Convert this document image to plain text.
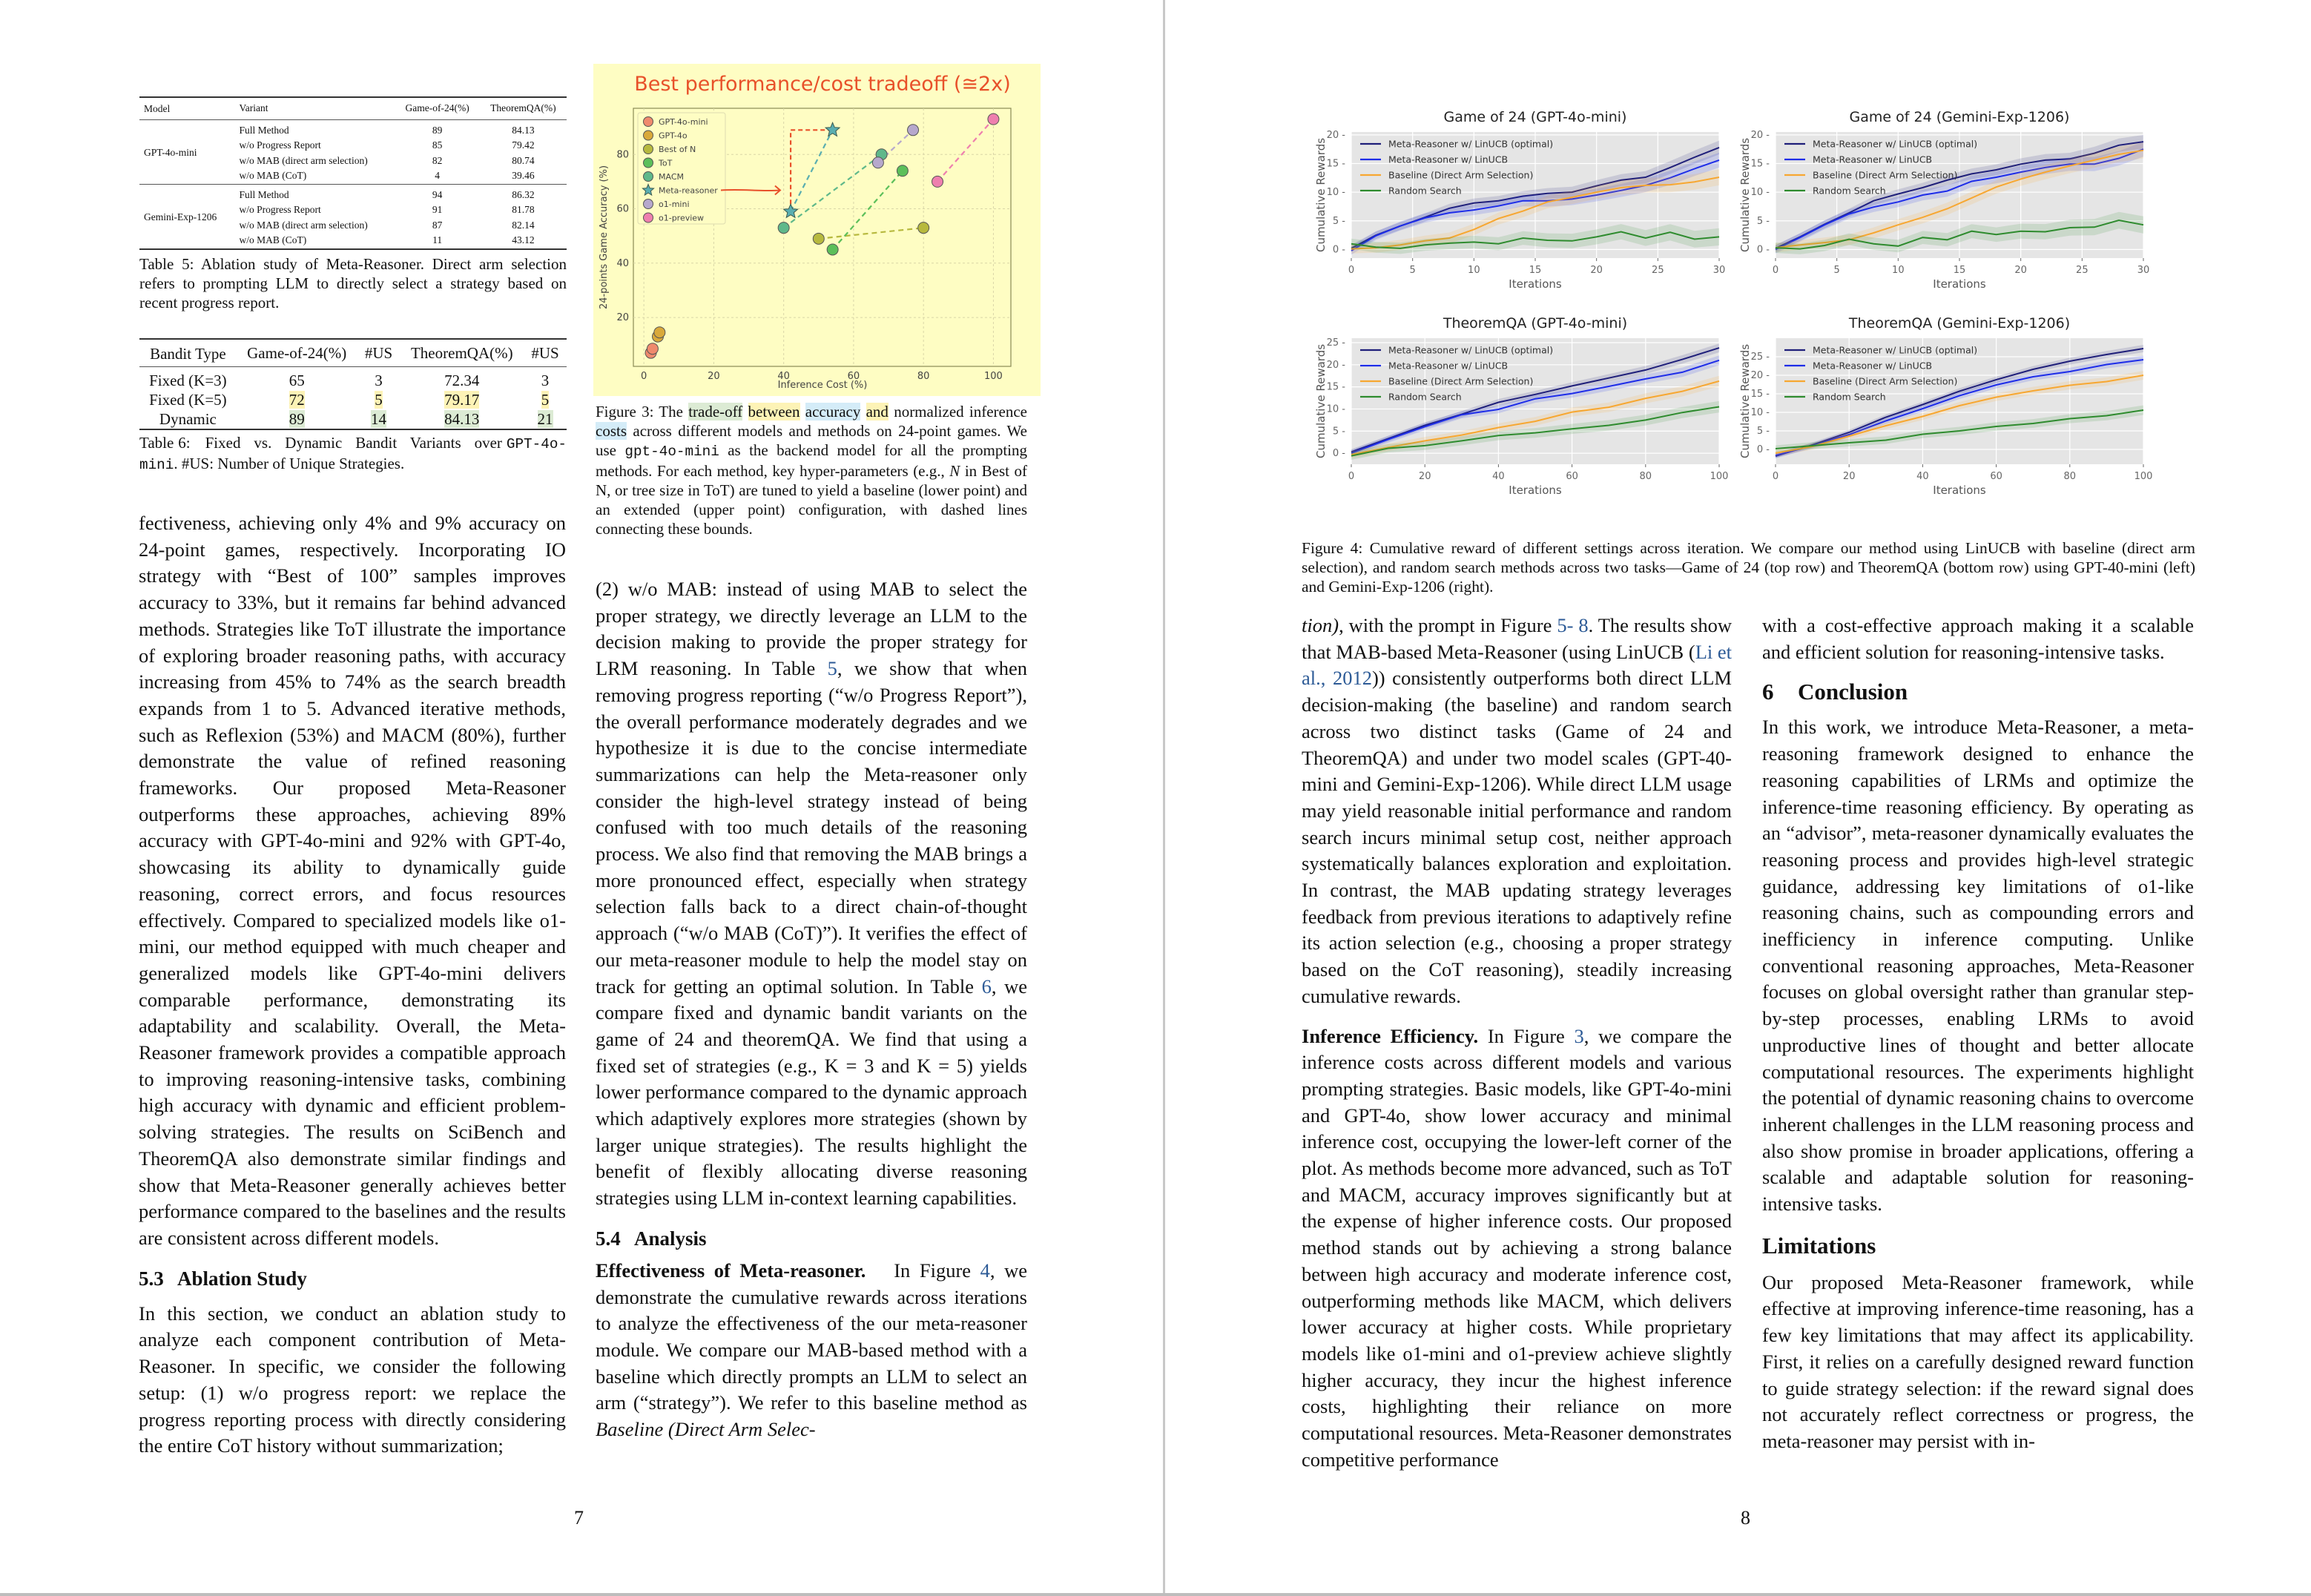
Model	Variant	Game-of-24(%)	TheoremQA(%)
GPT-4o-mini	Full Method	89	84.13
	w/o Progress Report	85	79.42
	w/o MAB (direct arm selection)	82	80.74
	w/o MAB (CoT)	4	39.46
Gemini-Exp-1206	Full Method	94	86.32
	w/o Progress Report	91	81.78
	w/o MAB (direct arm selection)	87	82.14
	w/o MAB (CoT)	11	43.12
Table 5: Ablation study of Meta-Reasoner. Direct arm selection refers to prompting LLM to directly select a strategy based on recent progress report.
Bandit Type	Game-of-24(%)	#US	TheoremQA(%)	#US
Fixed (K=3)	65	3	72.34	3
Fixed (K=5)	72	5	79.17	5
Dynamic	89	14	84.13	21
Table 6: Fixed vs. Dynamic Bandit Variants over GPT-4o-mini. #US: Number of Unique Strategies.

fectiveness, achieving only 4% and 9% accuracy on 24-point games, respectively. Incorporating IO strategy with “Best of 100” samples improves accuracy to 33%, but it remains far behind advanced methods. Strategies like ToT illustrate the importance of exploring broader reasoning paths, with accuracy increasing from 45% to 74% as the search breadth expands from 1 to 5. Advanced iterative methods, such as Reflexion (53%) and MACM (80%), further demonstrate the value of refined reasoning frameworks. Our proposed Meta-Reasoner outperforms these approaches, achieving 89% accuracy with GPT-4o-mini and 92% with GPT-4o, showcasing its ability to dynamically guide reasoning, correct errors, and focus resources effectively. Compared to specialized models like o1-mini, our method equipped with much cheaper and generalized models like GPT-4o-mini delivers comparable performance, demonstrating its adaptability and scalability. Overall, the Meta-Reasoner framework provides a compatible approach to improving reasoning-intensive tasks, combining high accuracy with dynamic and efficient problem-solving strategies. The results on SciBench and TheoremQA also demonstrate similar findings and show that Meta-Reasoner generally achieves better performance compared to the baselines and the results are consistent across different models.

5.3 Ablation Study

In this section, we conduct an ablation study to analyze each component contribution of Meta-Reasoner. In specific, we consider the following setup: (1) w/o progress report: we replace the progress reporting process with directly considering the entire CoT history without summarization;

Best performance/cost tradeoff (≅2x)
0	20	40	60	80	100
20
40
60
80
Inference Cost (%)
24-points Game Accuracy (%)
GPT-4o-mini
GPT-4o
Best of N
ToT
MACM
Meta-reasoner
o1-mini
o1-preview
Figure 3: The trade-off between accuracy and normalized inference costs across different models and methods on 24-point games. We use gpt-4o-mini as the backend model for all the prompting methods. For each method, key hyper-parameters (e.g., N in Best of N, or tree size in ToT) are tuned to yield a baseline (lower point) and an extended (upper point) configuration, with dashed lines connecting these bounds.

(2) w/o MAB: instead of using MAB to select the proper strategy, we directly leverage an LLM to the decision making to provide the proper strategy for LRM reasoning. In Table 5, we show that when removing progress reporting (“w/o Progress Report”), the overall performance moderately degrades and we hypothesize it is due to the concise intermediate summarizations can help the Meta-reasoner only consider the high-level strategy instead of being confused with too much details of the reasoning process. We also find that removing the MAB brings a more pronounced effect, especially when strategy selection falls back to a direct chain-of-thought approach (“w/o MAB (CoT)”). It verifies the effect of our meta-reasoner module to help the model stay on track for getting an optimal solution. In Table 6, we compare fixed and dynamic bandit variants on the game of 24 and theoremQA. We find that using a fixed set of strategies (e.g., K = 3 and K = 5) yields lower performance compared to the dynamic approach which adaptively explores more strategies (shown by larger unique strategies). The results highlight the benefit of flexibly allocating diverse reasoning strategies using LLM in-context learning capabilities.

5.4 Analysis

Effectiveness of Meta-reasoner. In Figure 4, we demonstrate the cumulative rewards across iterations to analyze the effectiveness of the our meta-reasoner module. We compare our MAB-based method with a baseline which directly prompts an LLM to select an arm (“strategy”). We refer to this baseline method as Baseline (Direct Arm Selec-

7	8
Game of 24 (GPT-4o-mini)
0	5	10	15	20	25	30
0 -
5 -
10 -
15 -
20 -
Iterations
Cumulative Rewards	Meta-Reasoner w/ LinUCB (optimal)
Meta-Reasoner w/ LinUCB
Baseline (Direct Arm Selection)
Random Search
Game of 24 (Gemini-Exp-1206)
0	5	10	15	20	25	30
0 -
5 -
10 -
15 -
20 -
Iterations
Cumulative Rewards	Meta-Reasoner w/ LinUCB (optimal)
Meta-Reasoner w/ LinUCB
Baseline (Direct Arm Selection)
Random Search
TheoremQA (GPT-4o-mini)
0	20	40	60	80	100
0 -
5 -
10 -
15 -
20 -
25 -
Iterations
Cumulative Rewards	Meta-Reasoner w/ LinUCB (optimal)
Meta-Reasoner w/ LinUCB
Baseline (Direct Arm Selection)
Random Search
TheoremQA (Gemini-Exp-1206)
0	20	40	60	80	100
0 -
5 -
10 -
15 -
20 -
25 -
Iterations
Cumulative Rewards	Meta-Reasoner w/ LinUCB (optimal)
Meta-Reasoner w/ LinUCB
Baseline (Direct Arm Selection)
Random Search
Figure 4: Cumulative reward of different settings across iteration. We compare our method using LinUCB with baseline (direct arm selection), and random search methods across two tasks—Game of 24 (top row) and TheoremQA (bottom row) using GPT-40-mini (left) and Gemini-Exp-1206 (right).

tion), with the prompt in Figure 5- 8. The results show that MAB-based Meta-Reasoner (using LinUCB (Li et al., 2012)) consistently outperforms both direct LLM decision-making (the baseline) and random search across two distinct tasks (Game of 24 and TheoremQA) and under two model scales (GPT-40-mini and Gemini-Exp-1206). While direct LLM usage may yield reasonable initial performance and random search incurs minimal setup cost, neither approach systematically balances exploration and exploitation. In contrast, the MAB updating strategy leverages feedback from previous iterations to adaptively refine its action selection (e.g., choosing a proper strategy based on the CoT reasoning), steadily increasing cumulative rewards.

Inference Efficiency. In Figure 3, we compare the inference costs across different models and various prompting strategies. Basic models, like GPT-4o-mini and GPT-4o, show lower accuracy and minimal inference cost, occupying the lower-left corner of the plot. As methods become more advanced, such as ToT and MACM, accuracy improves significantly but at the expense of higher inference costs. Our proposed method stands out by achieving a strong balance between high accuracy and moderate inference cost, outperforming methods like MACM, which delivers lower accuracy at higher costs. While proprietary models like o1-mini and o1-preview achieve slightly higher accuracy, they incur the highest inference costs, highlighting their reliance on more computational resources. Meta-Reasoner demonstrates competitive performance

with a cost-effective approach making it a scalable and efficient solution for reasoning-intensive tasks.

6 Conclusion

In this work, we introduce Meta-Reasoner, a meta-reasoning framework designed to enhance the reasoning capabilities of LRMs and optimize the inference-time reasoning efficiency. By operating as an “advisor”, meta-reasoner dynamically evaluates the reasoning process and provides high-level strategic guidance, addressing key limitations of o1-like reasoning chains, such as compounding errors and inefficiency in inference computing. Unlike conventional reasoning approaches, Meta-Reasoner focuses on global oversight rather than granular step-by-step processes, enabling LRMs to avoid unproductive lines of thought and better allocate computational resources. The experiments highlight the potential of dynamic reasoning chains to overcome inherent challenges in the LLM reasoning process and also show promise in broader applications, offering a scalable and adaptable solution for reasoning-intensive tasks.

Limitations

Our proposed Meta-Reasoner framework, while effective at improving inference-time reasoning, has a few key limitations that may affect its applicability. First, it relies on a carefully designed reward function to guide strategy selection: if the reward signal does not accurately reflect correctness or progress, the meta-reasoner may persist with in-
